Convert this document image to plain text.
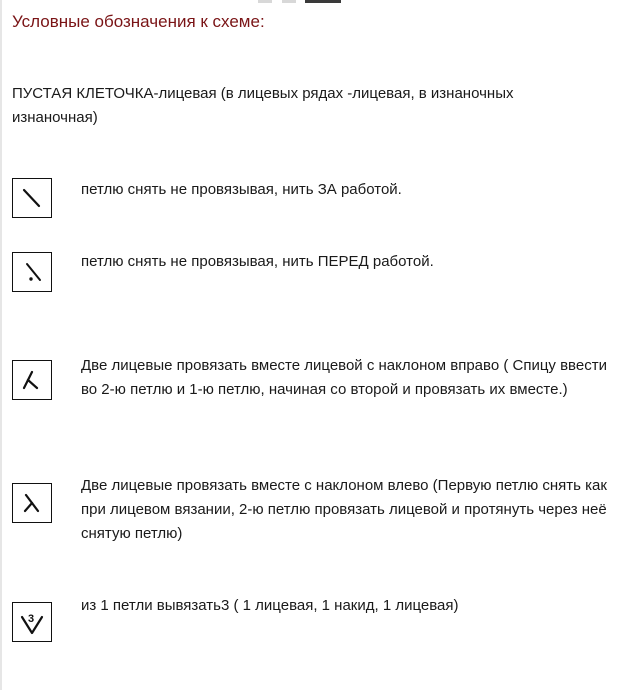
Условные обозначения к схеме:
ПУСТАЯ КЛЕТОЧКА-лицевая (в лицевых рядах -лицевая, в изнаночных изнаночная)
петлю снять не провязывая, нить ЗА работой.
петлю снять не провязывая, нить ПЕРЕД работой.
Две лицевые провязать вместе лицевой с наклоном вправо ( Спицу ввести во 2-ю петлю и 1-ю петлю, начиная со второй и провязать их вместе.)
Две лицевые провязать вместе с наклоном влево (Первую петлю снять как при лицевом вязании, 2-ю петлю провязать лицевой и протянуть через неё снятую петлю)
3
из 1 петли вывязать3 ( 1 лицевая, 1 накид, 1 лицевая)
